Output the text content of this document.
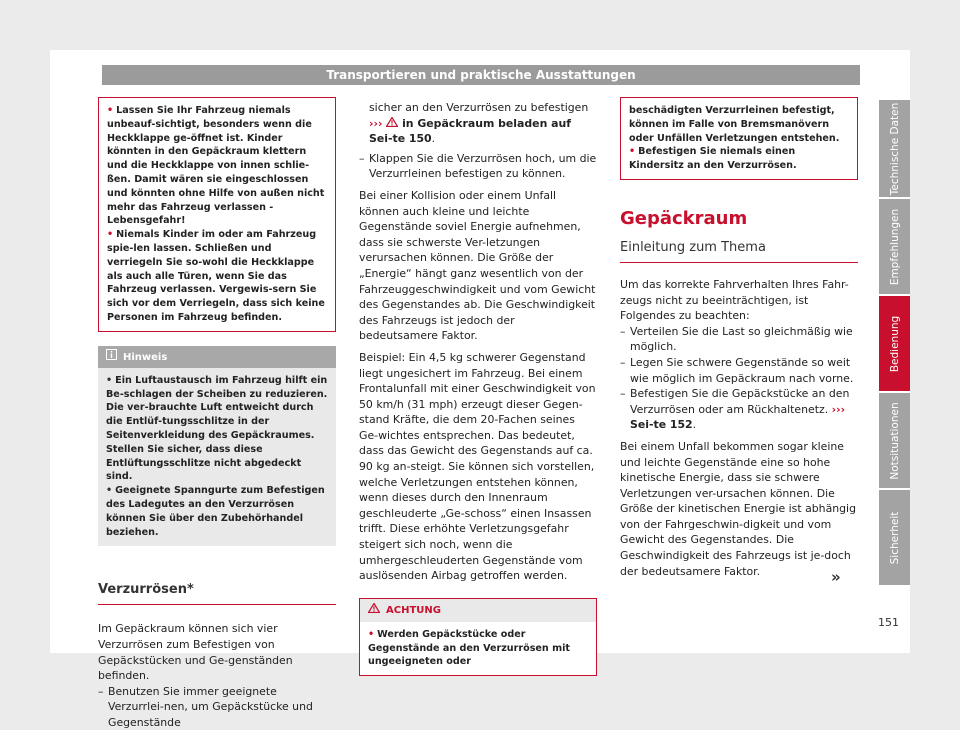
Transportieren und praktische Ausstattungen
• Lassen Sie Ihr Fahrzeug niemals unbeauf-sichtigt, besonders wenn die Heckklappe ge-öffnet ist. Kinder könnten in den Gepäckraum klettern und die Heckklappe von innen schlie-ßen. Damit wären sie eingeschlossen und könnten ohne Hilfe von außen nicht mehr das Fahrzeug verlassen - Lebensgefahr!
• Niemals Kinder im oder am Fahrzeug spie-len lassen. Schließen und verriegeln Sie so-wohl die Heckklappe als auch alle Türen, wenn Sie das Fahrzeug verlassen. Vergewis-sern Sie sich vor dem Verriegeln, dass sich keine Personen im Fahrzeug befinden.
Hinweis
• Ein Luftaustausch im Fahrzeug hilft ein Be-schlagen der Scheiben zu reduzieren. Die ver-brauchte Luft entweicht durch die Entlüf-tungsschlitze in der Seitenverkleidung des Gepäckraumes. Stellen Sie sicher, dass diese Entlüftungsschlitze nicht abgedeckt sind.
• Geeignete Spanngurte zum Befestigen des Ladegutes an den Verzurrösen können Sie über den Zubehörhandel beziehen.
Verzurrösen*

Im Gepäckraum können sich vier Verzurrösen zum Befestigen von Gepäckstücken und Ge-genständen befinden.

– Benutzen Sie immer geeignete Verzurrlei-nen, um Gepäckstücke und Gegenstände
sicher an den Verzurrösen zu befestigen
››› in Gepäckraum beladen auf Sei-te 150.
– Klappen Sie die Verzurrösen hoch, um die Verzurrleinen befestigen zu können.

Bei einer Kollision oder einem Unfall können auch kleine und leichte Gegenstände soviel Energie aufnehmen, dass sie schwerste Ver-letzungen verursachen können. Die Größe der „Energie“ hängt ganz wesentlich von der Fahrzeuggeschwindigkeit und vom Gewicht des Gegenstandes ab. Die Geschwindigkeit des Fahrzeugs ist jedoch der bedeutsamere Faktor.

Beispiel: Ein 4,5 kg schwerer Gegenstand liegt ungesichert im Fahrzeug. Bei einem Frontalunfall mit einer Geschwindigkeit von 50 km/h (31 mph) erzeugt dieser Gegen-stand Kräfte, die dem 20-Fachen seines Ge-wichtes entsprechen. Das bedeutet, dass das Gewicht des Gegenstands auf ca. 90 kg an-steigt. Sie können sich vorstellen, welche Verletzungen entstehen können, wenn dieses durch den Innenraum geschleuderte „Ge-schoss“ einen Insassen trifft. Diese erhöhte Verletzungsgefahr steigert sich noch, wenn die umhergeschleuderten Gegenstände vom auslösenden Airbag getroffen werden.

ACHTUNG
• Werden Gepäckstücke oder Gegenstände an den Verzurrösen mit ungeeigneten oder
beschädigten Verzurrleinen befestigt, können im Falle von Bremsmanövern oder Unfällen Verletzungen entstehen.
• Befestigen Sie niemals einen Kindersitz an den Verzurrösen.
Gepäckraum
Einleitung zum Thema

Um das korrekte Fahrverhalten Ihres Fahr-zeugs nicht zu beeinträchtigen, ist Folgendes zu beachten:

– Verteilen Sie die Last so gleichmäßig wie möglich.
– Legen Sie schwere Gegenstände so weit wie möglich im Gepäckraum nach vorne.
– Befestigen Sie die Gepäckstücke an den Verzurrösen oder am Rückhaltenetz. ››› Sei-te 152.

Bei einem Unfall bekommen sogar kleine und leichte Gegenstände eine so hohe kinetische Energie, dass sie schwere Verletzungen ver-ursachen können. Die Größe der kinetischen Energie ist abhängig von der Fahrgeschwin-digkeit und vom Gewicht des Gegenstandes. Die Geschwindigkeit des Fahrzeugs ist je-doch der bedeutsamere Faktor.	»
Technische Daten
Empfehlungen
Bedienung
Notsituationen
Sicherheit
151
